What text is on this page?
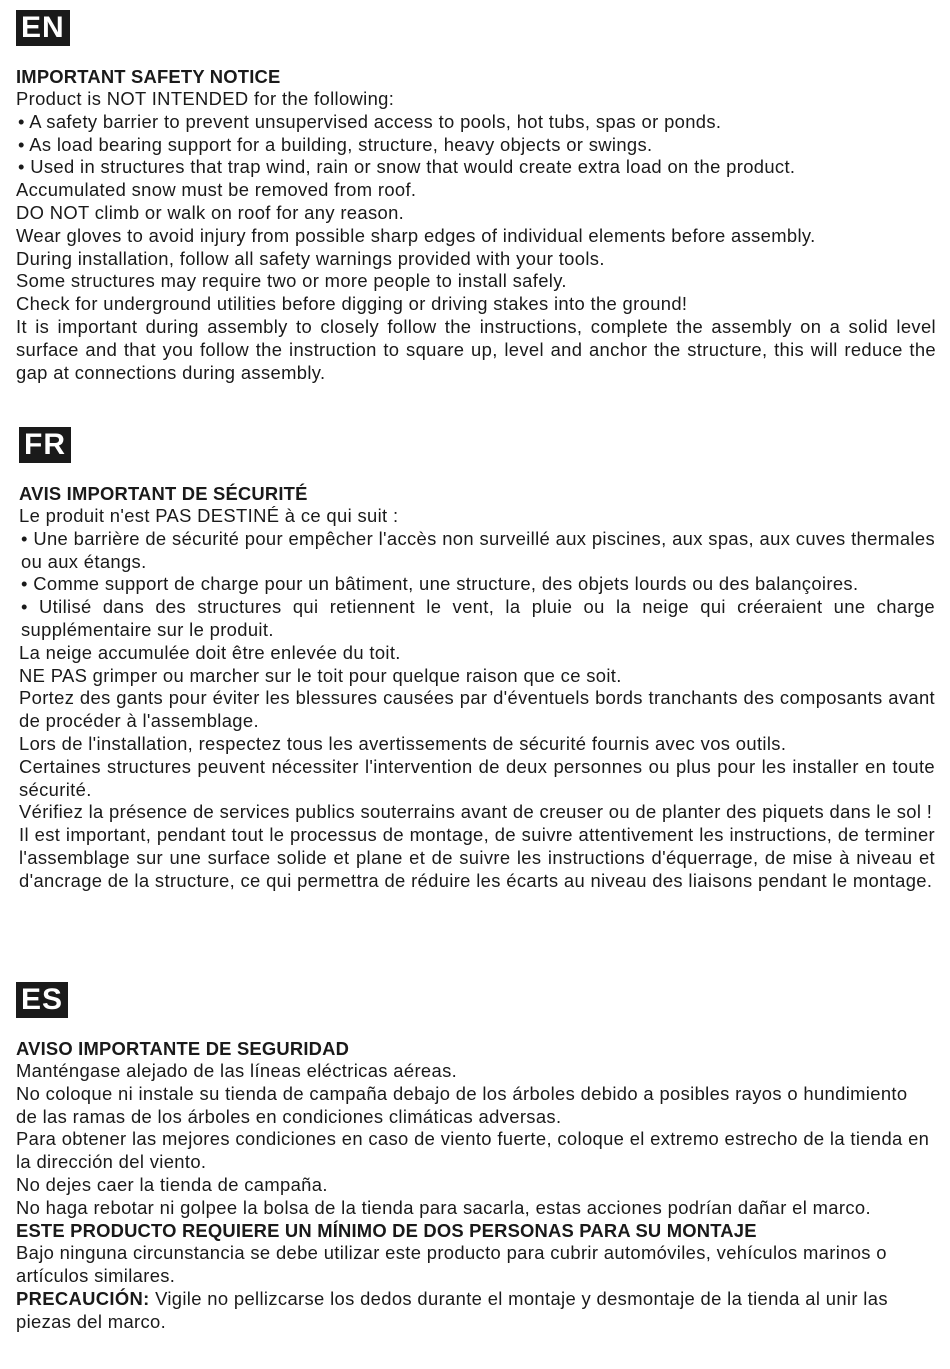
EN
IMPORTANT SAFETY NOTICE
Product is NOT INTENDED for the following:
• A safety barrier to prevent unsupervised access to pools, hot tubs, spas or ponds.
• As load bearing support for a building, structure, heavy objects or swings.
• Used in structures that trap wind, rain or snow that would create extra load on the product.
Accumulated snow must be removed from roof.
DO NOT climb or walk on roof for any reason.
Wear gloves to avoid injury from possible sharp edges of individual elements before assembly.
During installation, follow all safety warnings provided with your tools.
Some structures may require two or more people to install safely.
Check for underground utilities before digging or driving stakes into the ground!
It is important during assembly to closely follow the instructions, complete the assembly on a solid level surface and that you follow the instruction to square up, level and anchor the structure, this will reduce the gap at connections during assembly.
FR
AVIS IMPORTANT DE SÉCURITÉ
Le produit n'est PAS DESTINÉ à ce qui suit :
• Une barrière de sécurité pour empêcher l'accès non surveillé aux piscines, aux spas, aux cuves thermales ou aux étangs.
• Comme support de charge pour un bâtiment, une structure, des objets lourds ou des balançoires.
• Utilisé dans des structures qui retiennent le vent, la pluie ou la neige qui créeraient une charge supplémentaire sur le produit.
La neige accumulée doit être enlevée du toit.
NE PAS grimper ou marcher sur le toit pour quelque raison que ce soit.
Portez des gants pour éviter les blessures causées par d'éventuels bords tranchants des composants avant de procéder à l'assemblage.
Lors de l'installation, respectez tous les avertissements de sécurité fournis avec vos outils.
Certaines structures peuvent nécessiter l'intervention de deux personnes ou plus pour les installer en toute sécurité.
Vérifiez la présence de services publics souterrains avant de creuser ou de planter des piquets dans le sol !
Il est important, pendant tout le processus de montage, de suivre attentivement les instructions, de terminer l'assemblage sur une surface solide et plane et de suivre les instructions d'équerrage, de mise à niveau et d'ancrage de la structure, ce qui permettra de réduire les écarts au niveau des liaisons pendant le montage.
ES
AVISO IMPORTANTE DE SEGURIDAD
Manténgase alejado de las líneas eléctricas aéreas.
No coloque ni instale su tienda de campaña debajo de los árboles debido a posibles rayos o hundimiento de las ramas de los árboles en condiciones climáticas adversas.
Para obtener las mejores condiciones en caso de viento fuerte, coloque el extremo estrecho de la tienda en la dirección del viento.
No dejes caer la tienda de campaña.
No haga rebotar ni golpee la bolsa de la tienda para sacarla, estas acciones podrían dañar el marco.
ESTE PRODUCTO REQUIERE UN MÍNIMO DE DOS PERSONAS PARA SU MONTAJE
Bajo ninguna circunstancia se debe utilizar este producto para cubrir automóviles, vehículos marinos o artículos similares.
PRECAUCIÓN: Vigile no pellizcarse los dedos durante el montaje y desmontaje de la tienda al unir las piezas del marco.
